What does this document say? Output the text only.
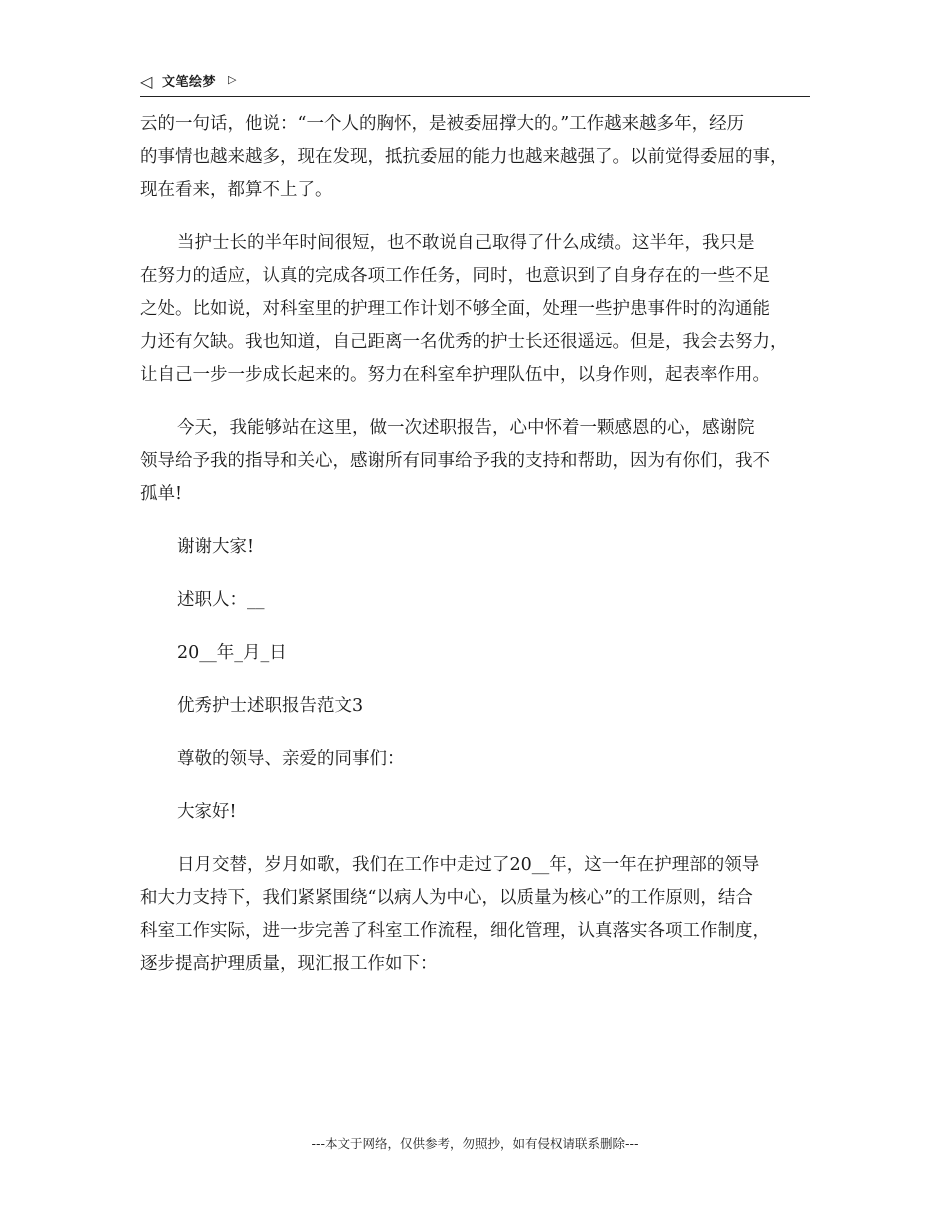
◁ 文笔绘梦 ▷

云的一句话，他说：“一个人的胸怀，是被委屈撑大的。”工作越来越多年，经历
的事情也越来越多，现在发现，抵抗委屈的能力也越来越强了。以前觉得委屈的事，
现在看来，都算不上了。

当护士长的半年时间很短，也不敢说自己取得了什么成绩。这半年，我只是
在努力的适应，认真的完成各项工作任务，同时，也意识到了自身存在的一些不足
之处。比如说，对科室里的护理工作计划不够全面，处理一些护患事件时的沟通能
力还有欠缺。我也知道，自己距离一名优秀的护士长还很遥远。但是，我会去努力，
让自己一步一步成长起来的。努力在科室牟护理队伍中，以身作则，起表率作用。

今天，我能够站在这里，做一次述职报告，心中怀着一颗感恩的心，感谢院
领导给予我的指导和关心，感谢所有同事给予我的支持和帮助，因为有你们，我不
孤单!

谢谢大家!

述职人：__

20__年_月_日

优秀护士述职报告范文3

尊敬的领导、亲爱的同事们：

大家好!

日月交替，岁月如歌，我们在工作中走过了20__年，这一年在护理部的领导
和大力支持下，我们紧紧围绕“以病人为中心，以质量为核心”的工作原则，结合
科室工作实际，进一步完善了科室工作流程，细化管理，认真落实各项工作制度，
逐步提高护理质量，现汇报工作如下：

---本文于网络，仅供参考，勿照抄，如有侵权请联系删除---
